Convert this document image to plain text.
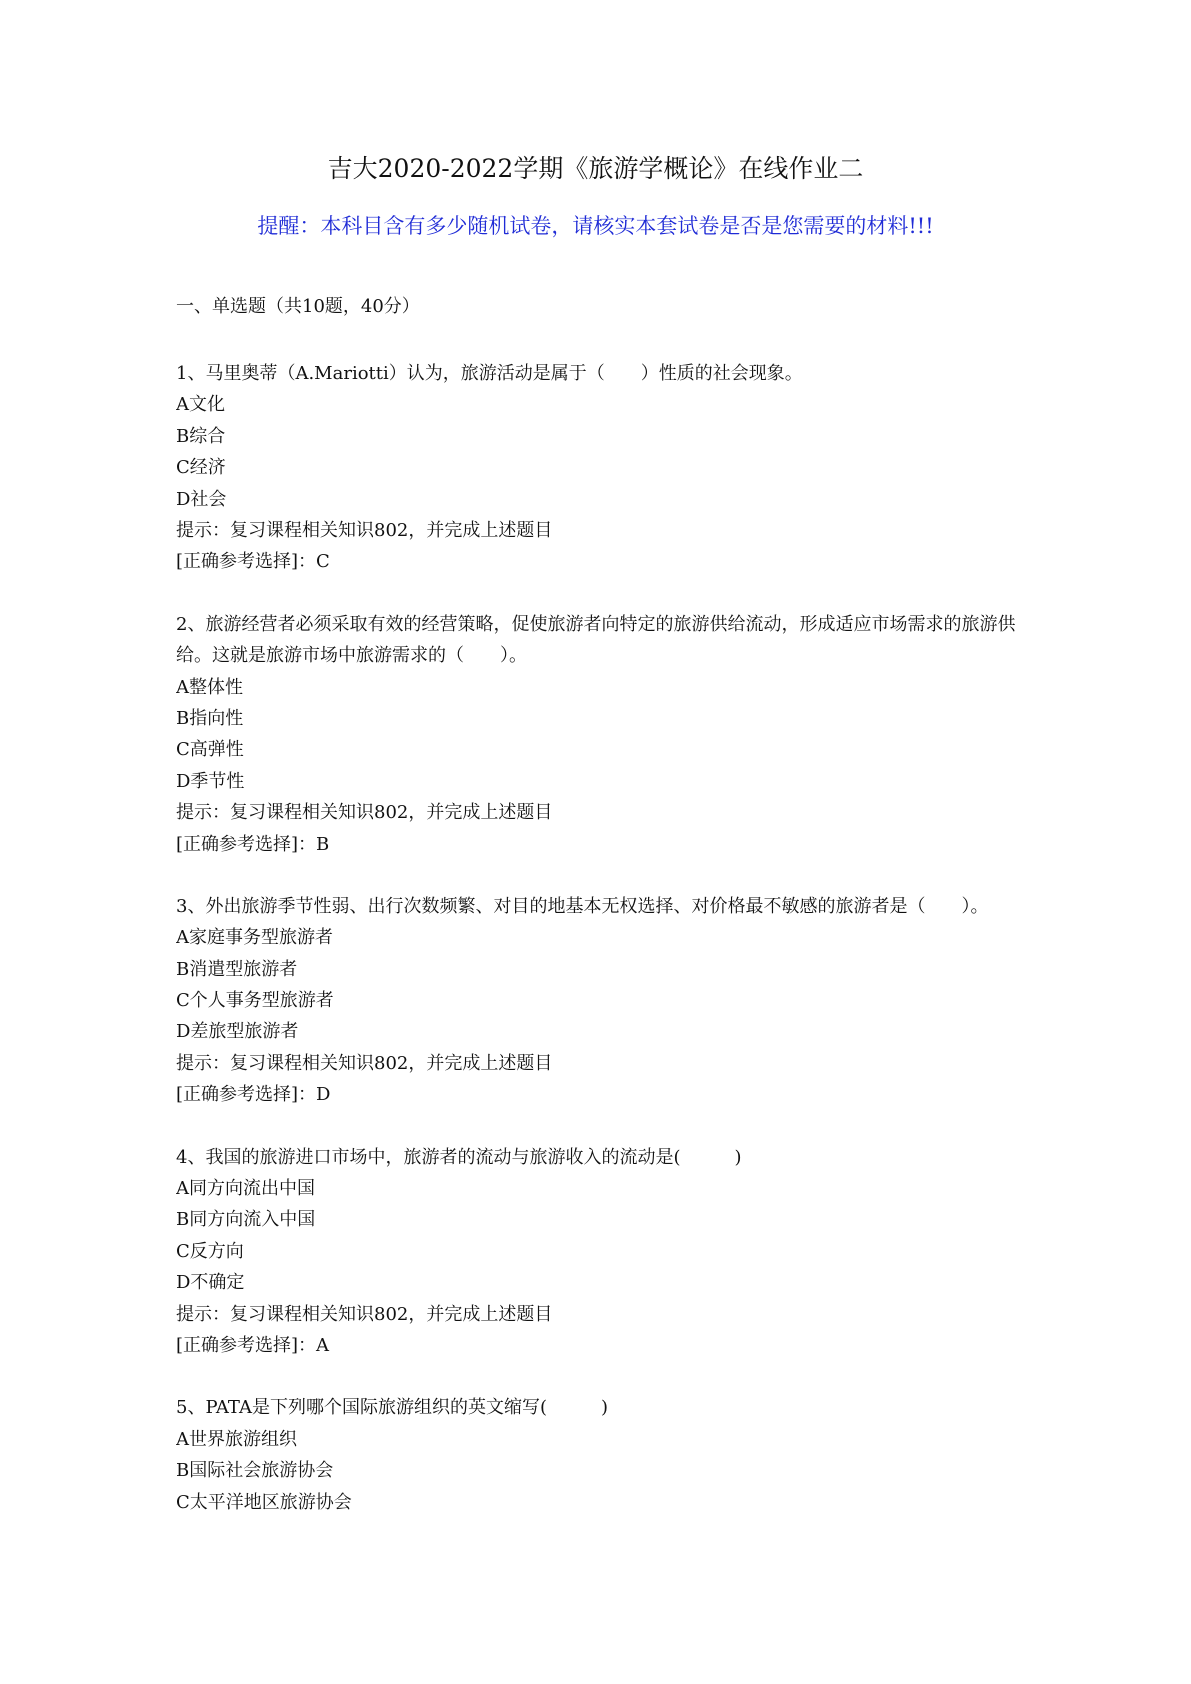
吉大2020-2022学期《旅游学概论》在线作业二
提醒：本科目含有多少随机试卷，请核实本套试卷是否是您需要的材料!!!
一、单选题（共10题，40分）
1、马里奥蒂（A.Mariotti）认为，旅游活动是属于（　　）性质的社会现象。
A文化
B综合
C经济
D社会
提示：复习课程相关知识802，并完成上述题目
[正确参考选择]：C
2、旅游经营者必须采取有效的经营策略，促使旅游者向特定的旅游供给流动，形成适应市场需求的旅游供给。这就是旅游市场中旅游需求的（　　）。
A整体性
B指向性
C高弹性
D季节性
提示：复习课程相关知识802，并完成上述题目
[正确参考选择]：B
3、外出旅游季节性弱、出行次数频繁、对目的地基本无权选择、对价格最不敏感的旅游者是（　　）。
A家庭事务型旅游者
B消遣型旅游者
C个人事务型旅游者
D差旅型旅游者
提示：复习课程相关知识802，并完成上述题目
[正确参考选择]：D
4、我国的旅游进口市场中，旅游者的流动与旅游收入的流动是(　　　)
A同方向流出中国
B同方向流入中国
C反方向
D不确定
提示：复习课程相关知识802，并完成上述题目
[正确参考选择]：A
5、PATA是下列哪个国际旅游组织的英文缩写(　　　)
A世界旅游组织
B国际社会旅游协会
C太平洋地区旅游协会
